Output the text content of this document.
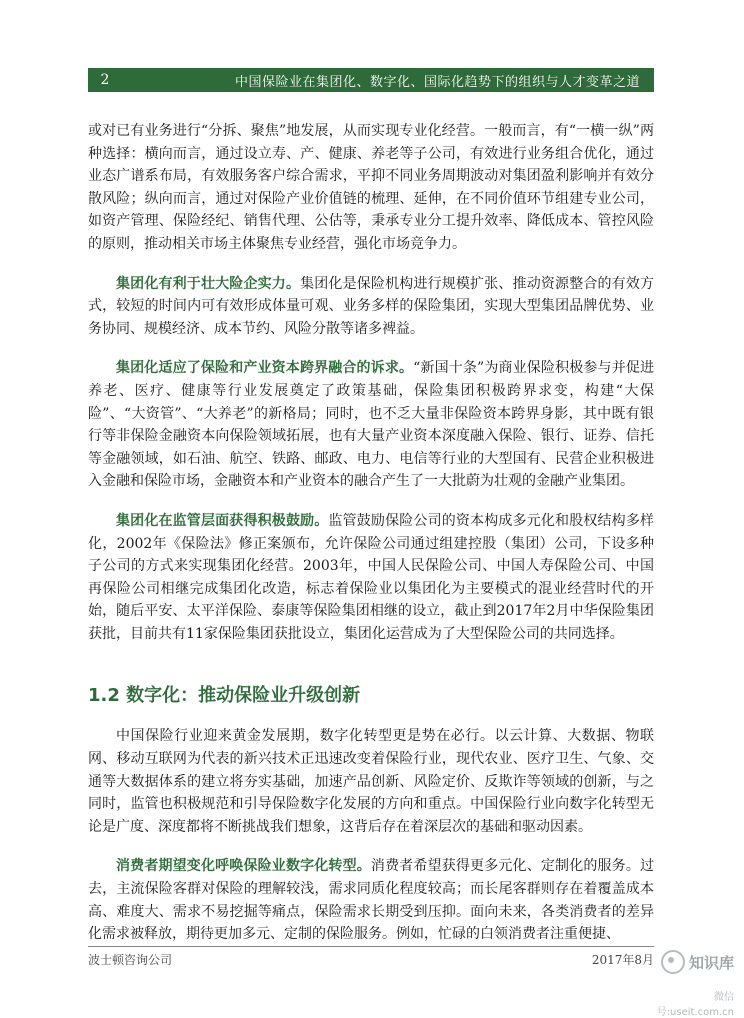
2	中国保险业在集团化、数字化、国际化趋势下的组织与人才变革之道

或对已有业务进行“分拆、聚焦”地发展，从而实现专业化经营。一般而言，有“一横一纵”两种选择：横向而言，通过设立寿、产、健康、养老等子公司，有效进行业务组合优化，通过业态广谱系布局，有效服务客户综合需求，平抑不同业务周期波动对集团盈利影响并有效分散风险；纵向而言，通过对保险产业价值链的梳理、延伸，在不同价值环节组建专业公司，如资产管理、保险经纪、销售代理、公估等，秉承专业分工提升效率、降低成本、管控风险的原则，推动相关市场主体聚焦专业经营，强化市场竞争力。

集团化有利于壮大险企实力。集团化是保险机构进行规模扩张、推动资源整合的有效方式，较短的时间内可有效形成体量可观、业务多样的保险集团，实现大型集团品牌优势、业务协同、规模经济、成本节约、风险分散等诸多裨益。

集团化适应了保险和产业资本跨界融合的诉求。“新国十条”为商业保险积极参与并促进养老、医疗、健康等行业发展奠定了政策基础，保险集团积极跨界求变，构建“大保险”、“大资管”、“大养老”的新格局；同时，也不乏大量非保险资本跨界身影，其中既有银行等非保险金融资本向保险领域拓展，也有大量产业资本深度融入保险、银行、证券、信托等金融领域，如石油、航空、铁路、邮政、电力、电信等行业的大型国有、民营企业积极进入金融和保险市场，金融资本和产业资本的融合产生了一大批蔚为壮观的金融产业集团。

集团化在监管层面获得积极鼓励。监管鼓励保险公司的资本构成多元化和股权结构多样化，2002年《保险法》修正案颁布，允许保险公司通过组建控股（集团）公司，下设多种子公司的方式来实现集团化经营。2003年，中国人民保险公司、中国人寿保险公司、中国再保险公司相继完成集团化改造，标志着保险业以集团化为主要模式的混业经营时代的开始，随后平安、太平洋保险、泰康等保险集团相继的设立，截止到2017年2月中华保险集团获批，目前共有11家保险集团获批设立，集团化运营成为了大型保险公司的共同选择。

1.2 数字化：推动保险业升级创新

中国保险行业迎来黄金发展期，数字化转型更是势在必行。以云计算、大数据、物联网、移动互联网为代表的新兴技术正迅速改变着保险行业，现代农业、医疗卫生、气象、交通等大数据体系的建立将夯实基础，加速产品创新、风险定价、反欺诈等领域的创新，与之同时，监管也积极规范和引导保险数字化发展的方向和重点。中国保险行业向数字化转型无论是广度、深度都将不断挑战我们想象，这背后存在着深层次的基础和驱动因素。

消费者期望变化呼唤保险业数字化转型。消费者希望获得更多元化、定制化的服务。过去，主流保险客群对保险的理解较浅，需求同质化程度较高；而长尾客群则存在着覆盖成本高、难度大、需求不易挖掘等痛点，保险需求长期受到压抑。面向未来，各类消费者的差异化需求被释放，期待更加多元、定制的保险服务。例如，忙碌的白领消费者注重便捷、

波士顿咨询公司	2017年8月 知识库
微信号:useit.com.cn
